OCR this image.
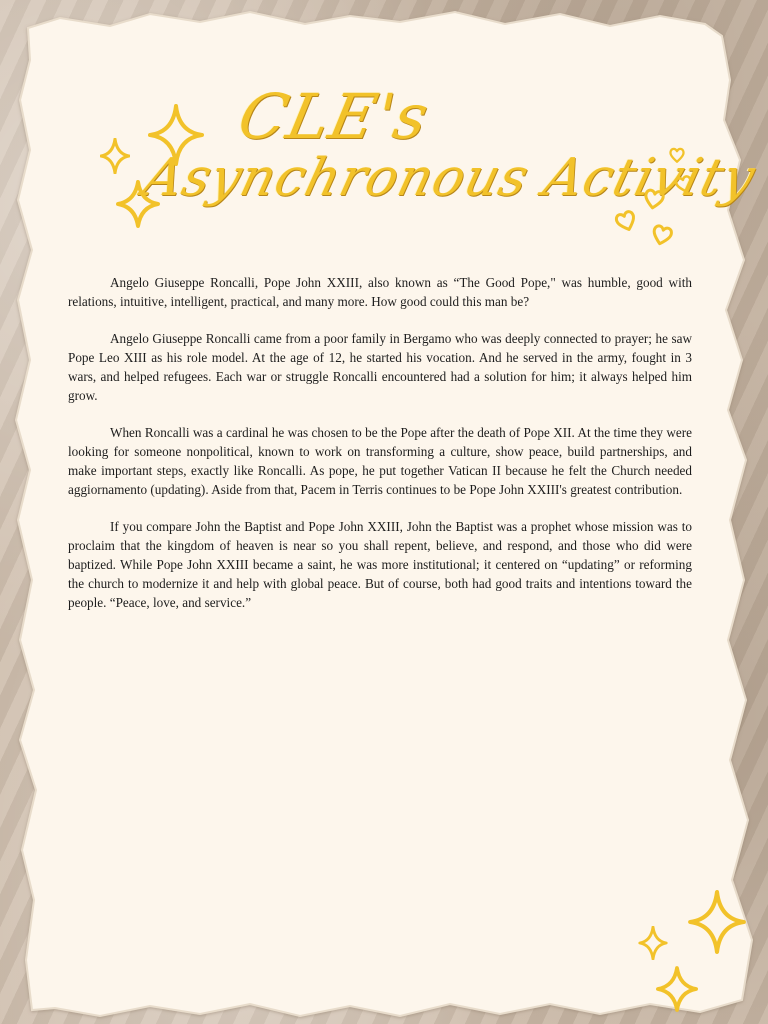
CLE's
Asynchronous Activity

Angelo Giuseppe Roncalli, Pope John XXIII, also known as “The Good Pope," was humble, good with relations, intuitive, intelligent, practical, and many more. How good could this man be?

Angelo Giuseppe Roncalli came from a poor family in Bergamo who was deeply connected to prayer; he saw Pope Leo XIII as his role model. At the age of 12, he started his vocation. And he served in the army, fought in 3 wars, and helped refugees. Each war or struggle Roncalli encountered had a solution for him; it always helped him grow.

When Roncalli was a cardinal he was chosen to be the Pope after the death of Pope XII. At the time they were looking for someone nonpolitical, known to work on transforming a culture, show peace, build partnerships, and make important steps, exactly like Roncalli. As pope, he put together Vatican II because he felt the Church needed aggiornamento (updating). Aside from that, Pacem in Terris continues to be Pope John XXIII's greatest contribution.

If you compare John the Baptist and Pope John XXIII, John the Baptist was a prophet whose mission was to proclaim that the kingdom of heaven is near so you shall repent, believe, and respond, and those who did were baptized. While Pope John XXIII became a saint, he was more institutional; it centered on “updating” or reforming the church to modernize it and help with global peace. But of course, both had good traits and intentions toward the people. “Peace, love, and service.”
